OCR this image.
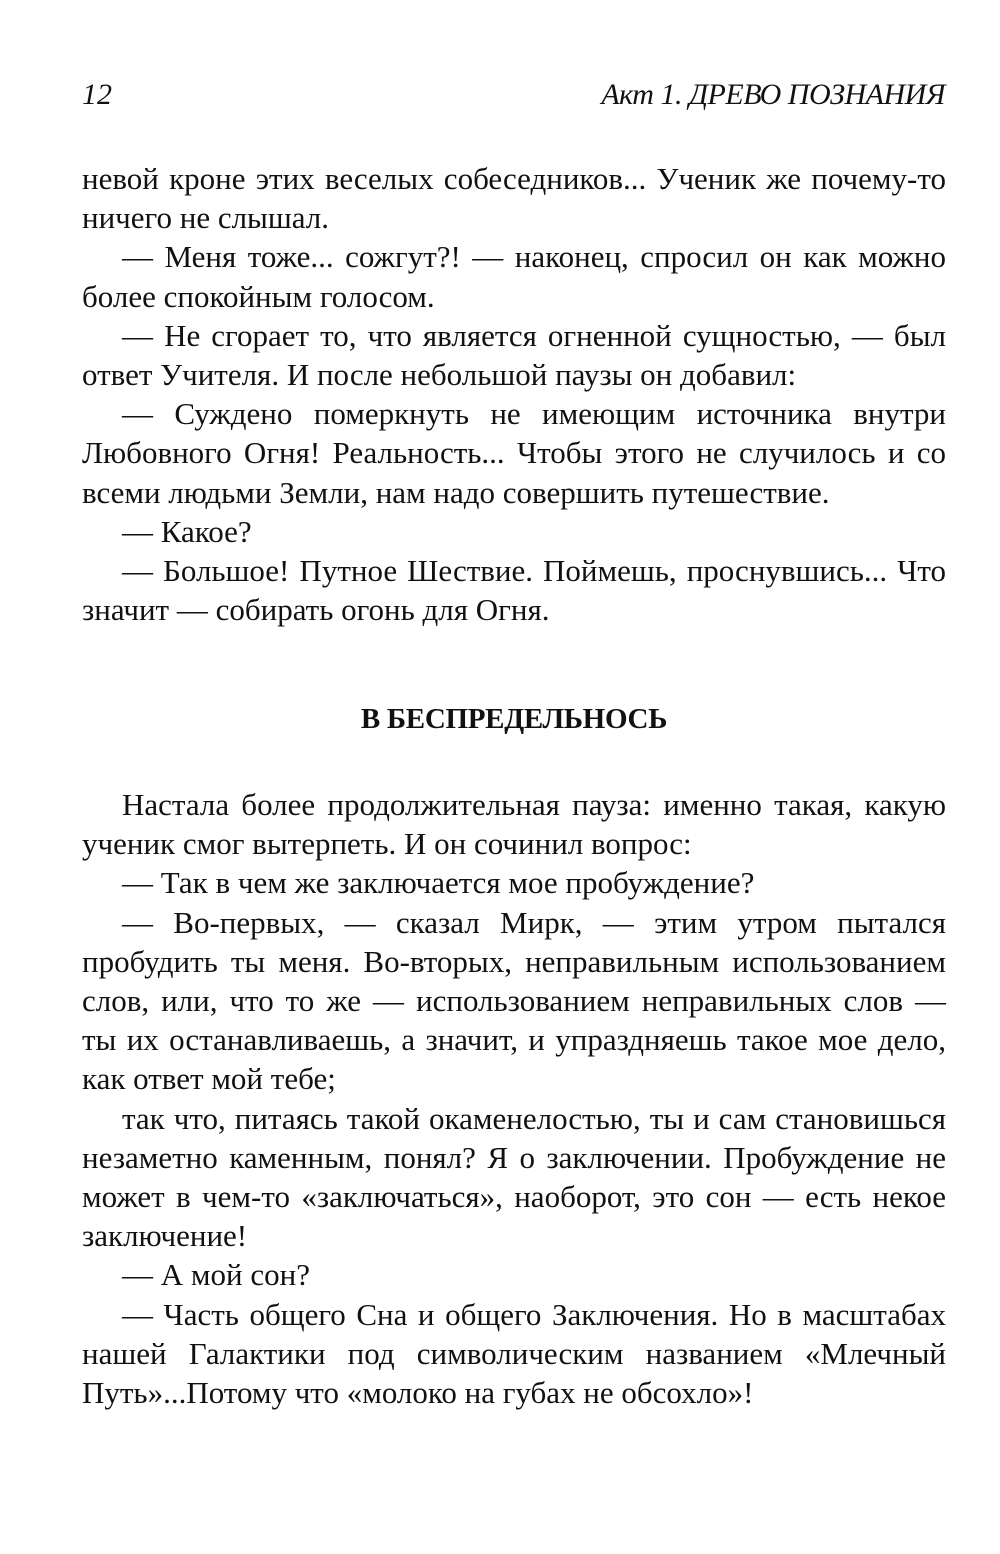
12	Акт 1. ДРЕВО ПОЗНАНИЯ

невой кроне этих веселых собеседников... Ученик же почему-то ничего не слышал.

— Меня тоже... сожгут?! — наконец, спросил он как можно более спокойным голосом.

— Не сгорает то, что является огненной сущностью, — был ответ Учителя. И после небольшой паузы он добавил:

— Суждено померкнуть не имеющим источника внутри Любовного Огня! Реальность... Чтобы этого не случилось и со всеми людьми Земли, нам надо совершить путешествие.

— Какое?

— Большое! Путное Шествие. Поймешь, проснувшись... Что значит — собирать огонь для Огня.

В БЕСПРЕДЕЛЬНОСЬ

Настала более продолжительная пауза: именно такая, какую ученик смог вытерпеть. И он сочинил вопрос:

— Так в чем же заключается мое пробуждение?

— Во-первых, — сказал Мирк, — этим утром пытался пробудить ты меня. Во-вторых, неправильным использованием слов, или, что то же — использованием неправильных слов — ты их останавливаешь, а значит, и упраздняешь такое мое дело, как ответ мой тебе;

так что, питаясь такой окаменелостью, ты и сам становишься незаметно каменным, понял? Я о заключении. Пробуждение не может в чем-то «заключаться», наоборот, это сон — есть некое заключение!

— А мой сон?

— Часть общего Сна и общего Заключения. Но в масштабах нашей Галактики под символическим названием «Млечный Путь»...Потому что «молоко на губах не обсохло»!
